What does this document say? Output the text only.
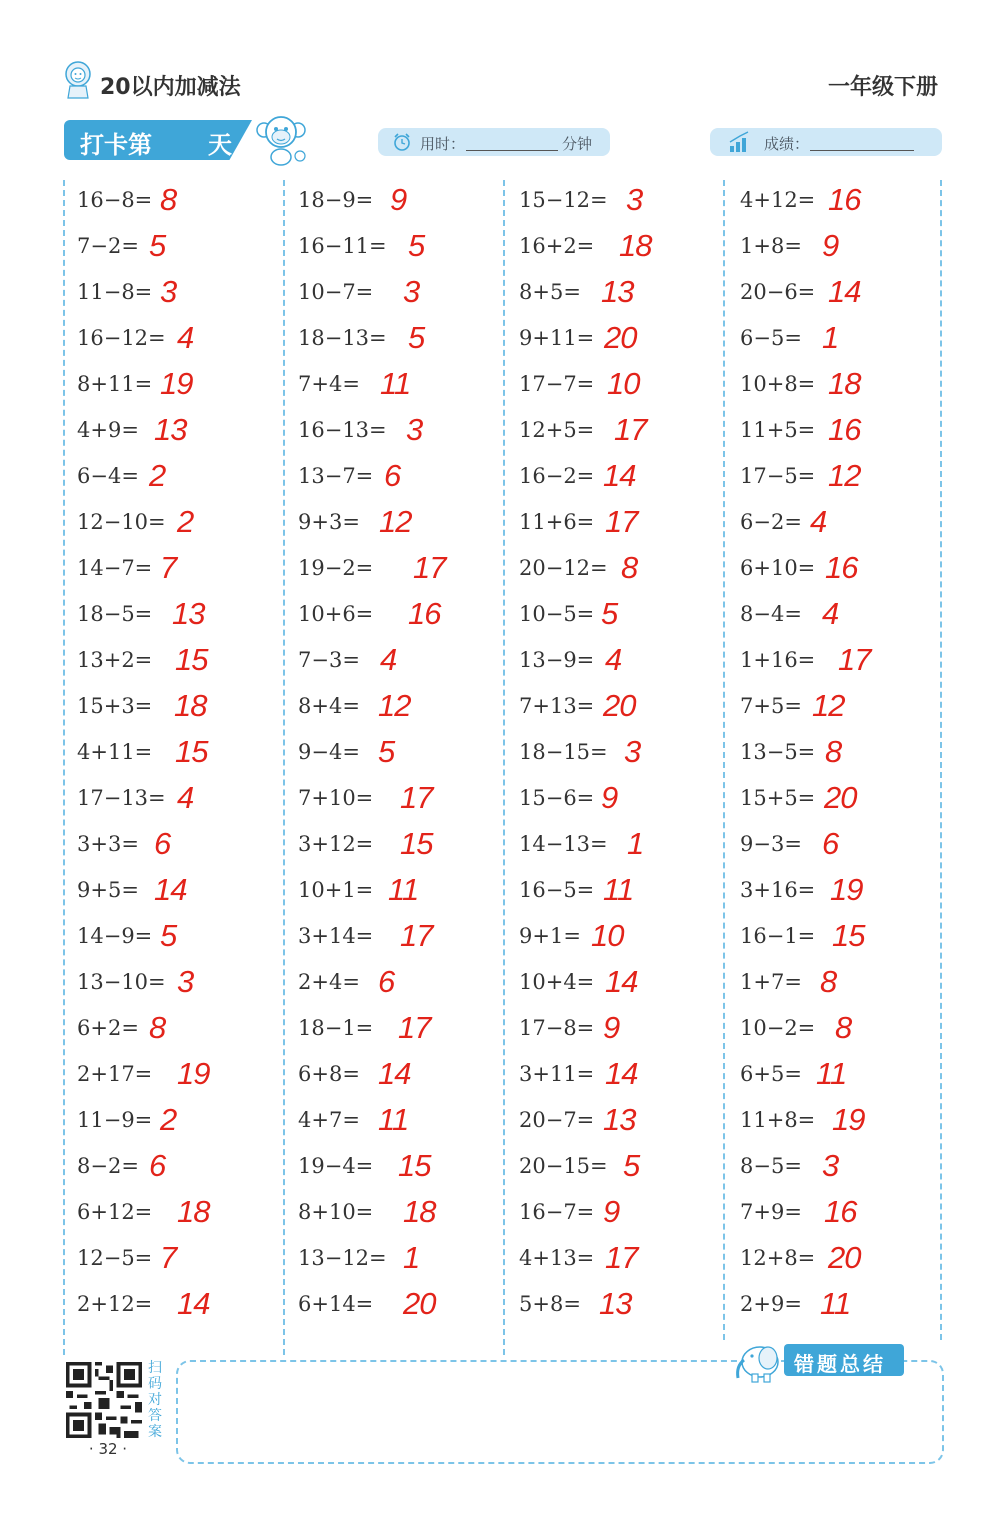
20以内加减法	一年级下册
打卡第 天	用时：	分钟	成绩：
16−8= 8
7−2= 5
11−8= 3
16−12= 4
8+11= 19
4+9= 13
6−4= 2
12−10= 2
14−7= 7
18−5= 13
13+2= 15
15+3= 18
4+11= 15
17−13= 4
3+3= 6
9+5= 14
14−9= 5
13−10= 3
6+2= 8
2+17= 19
11−9= 2
8−2= 6
6+12= 18
12−5= 7
2+12= 14
18−9= 9
16−11= 5
10−7= 3
18−13= 5
7+4= 11
16−13= 3
13−7= 6
9+3= 12
19−2= 17
10+6= 16
7−3= 4
8+4= 12
9−4= 5
7+10= 17
3+12= 15
10+1= 11
3+14= 17
2+4= 6
18−1= 17
6+8= 14
4+7= 11
19−4= 15
8+10= 18
13−12= 1
6+14= 20
15−12= 3
16+2= 18
8+5= 13
9+11= 20
17−7= 10
12+5= 17
16−2= 14
11+6= 17
20−12= 8
10−5= 5
13−9= 4
7+13= 20
18−15= 3
15−6= 9
14−13= 1
16−5= 11
9+1= 10
10+4= 14
17−8= 9
3+11= 14
20−7= 13
20−15= 5
16−7= 9
4+13= 17
5+8= 13
4+12= 16
1+8= 9
20−6= 14
6−5= 1
10+8= 18
11+5= 16
17−5= 12
6−2= 4
6+10= 16
8−4= 4
1+16= 17
7+5= 12
13−5= 8
15+5= 20
9−3= 6
3+16= 19
16−1= 15
1+7= 8
10−2= 8
6+5= 11
11+8= 19
8−5= 3
7+9= 16
12+8= 20
2+9= 11
错题总结
扫码对答案
· 32 ·
